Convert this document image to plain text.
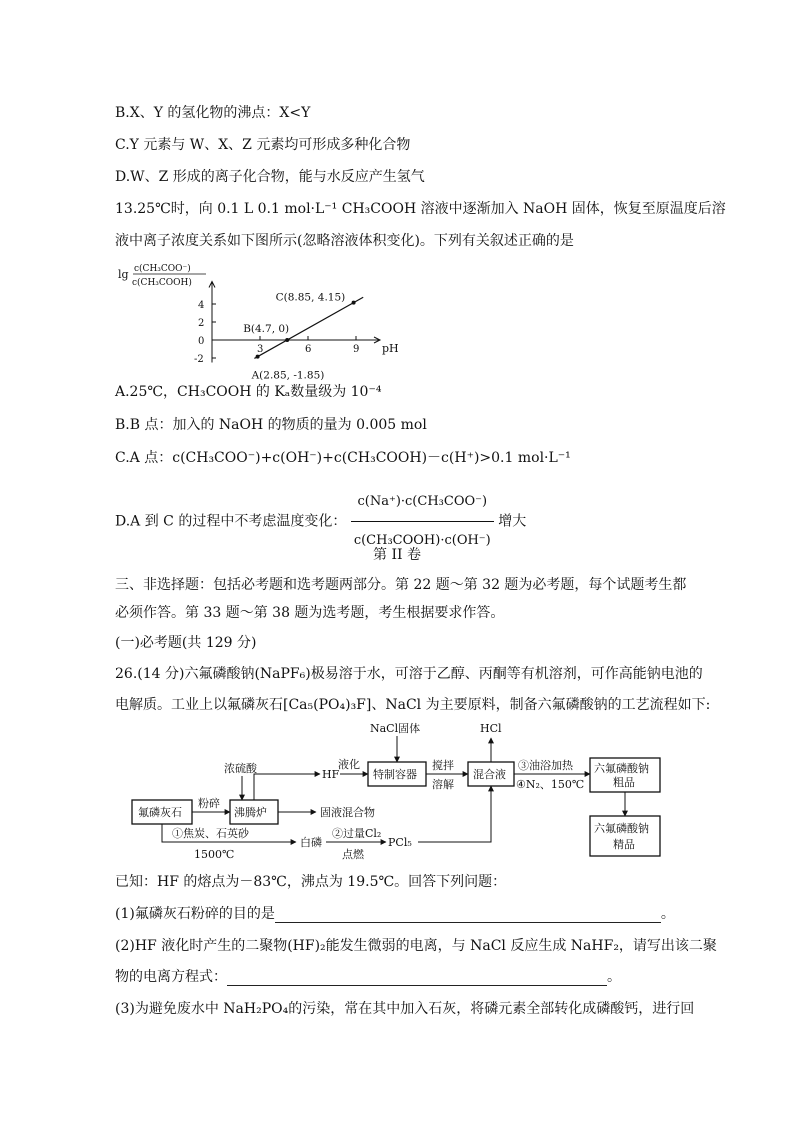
B.X、Y 的氢化物的沸点：X<Y
C.Y 元素与 W、X、Z 元素均可形成多种化合物
D.W、Z 形成的离子化合物，能与水反应产生氢气
13.25℃时，向 0.1 L 0.1 mol·L⁻¹ CH₃COOH 溶液中逐渐加入 NaOH 固体，恢复至原温度后溶
液中离子浓度关系如下图所示(忽略溶液体积变化)。下列有关叙述正确的是
lg c(CH₃COO⁻)
c(CH₃COOH)
pH
4
2
0
-2
3	6	9
A(2.85, -1.85)
B(4.7, 0)
C(8.85, 4.15)
A.25℃，CH₃COOH 的 Kₐ数量级为 10⁻⁴
B.B 点：加入的 NaOH 的物质的量为 0.005 mol
C.A 点：c(CH₃COO⁻)+c(OH⁻)+c(CH₃COOH)－c(H⁺)>0.1 mol·L⁻¹
D.A 到 C 的过程中不考虑温度变化： $\frac{\text{c(Na⁺)·c(CH₃COO⁻)}}{\text{c(CH₃COOH)·c(OH⁻)}}$ 增大
第 II 卷
三、非选择题：包括必考题和选考题两部分。第 22 题～第 32 题为必考题，每个试题考生都
必须作答。第 33 题～第 38 题为选考题，考生根据要求作答。
(一)必考题(共 129 分)
26.(14 分)六氟磷酸钠(NaPF₆)极易溶于水，可溶于乙醇、丙酮等有机溶剂，可作高能钠电池的
电解质。工业上以氟磷灰石[Ca₅(PO₄)₃F]、NaCl 为主要原料，制备六氟磷酸钠的工艺流程如下:
氟磷灰石	沸腾炉
特制容器	混合液	六氟磷酸钠
粗品
六氟磷酸钠
精品
粉碎
浓硫酸	HF
液化
NaCl固体
搅拌
溶解
HCl
③油浴加热
④N₂、150℃
固液混合物
①焦炭、石英砂
1500℃
白磷
②过量Cl₂
点燃
PCl₅
已知：HF 的熔点为－83℃，沸点为 19.5℃。回答下列问题：
(1)氟磷灰石粉碎的目的是	。
(2)HF 液化时产生的二聚物(HF)₂能发生微弱的电离，与 NaCl 反应生成 NaHF₂，请写出该二聚
物的电离方程式：	。
(3)为避免废水中 NaH₂PO₄的污染，常在其中加入石灰，将磷元素全部转化成磷酸钙，进行回
